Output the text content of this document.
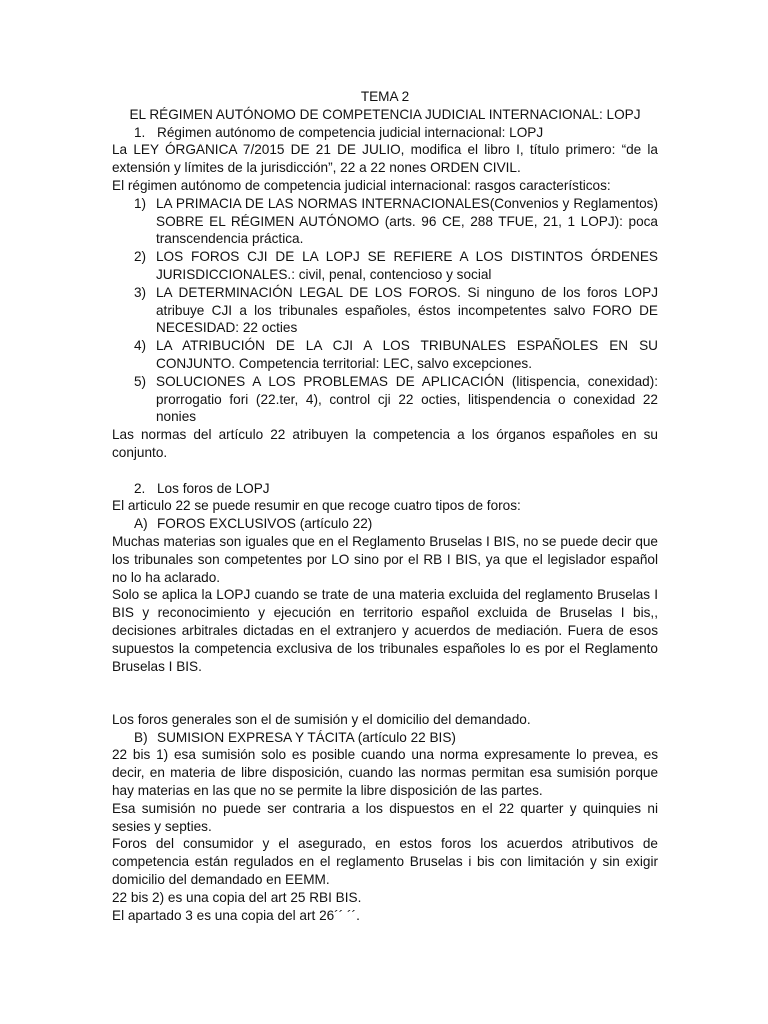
TEMA 2
EL RÉGIMEN AUTÓNOMO DE COMPETENCIA JUDICIAL INTERNACIONAL: LOPJ
1. Régimen autónomo de competencia judicial internacional: LOPJ
La LEY ÓRGANICA 7/2015 DE 21 DE JULIO, modifica el libro I, título primero: “de la extensión y límites de la jurisdicción”, 22 a 22 nones ORDEN CIVIL.
El régimen autónomo de competencia judicial internacional: rasgos característicos:
1) LA PRIMACIA DE LAS NORMAS INTERNACIONALES(Convenios y Reglamentos) SOBRE EL RÉGIMEN AUTÓNOMO (arts. 96 CE, 288 TFUE, 21, 1 LOPJ): poca transcendencia práctica.
2) LOS FOROS CJI DE LA LOPJ SE REFIERE A LOS DISTINTOS ÓRDENES JURISDICCIONALES.: civil, penal, contencioso y social
3) LA DETERMINACIÓN LEGAL DE LOS FOROS. Si ninguno de los foros LOPJ atribuye CJI a los tribunales españoles, éstos incompetentes salvo FORO DE NECESIDAD: 22 octies
4) LA ATRIBUCIÓN DE LA CJI A LOS TRIBUNALES ESPAÑOLES EN SU CONJUNTO. Competencia territorial: LEC, salvo excepciones.
5) SOLUCIONES A LOS PROBLEMAS DE APLICACIÓN (litispencia, conexidad): prorrogatio fori (22.ter, 4), control cji 22 octies, litispendencia o conexidad 22 nonies
Las normas del artículo 22 atribuyen la competencia a los órganos españoles en su conjunto.
2. Los foros de LOPJ
El articulo 22 se puede resumir en que recoge cuatro tipos de foros:
A) FOROS EXCLUSIVOS (artículo 22)
Muchas materias son iguales que en el Reglamento Bruselas I BIS, no se puede decir que los tribunales son competentes por LO sino por el RB I BIS, ya que el legislador español no lo ha aclarado.
Solo se aplica la LOPJ cuando se trate de una materia excluida del reglamento Bruselas I BIS y reconocimiento y ejecución en territorio español excluida de Bruselas I bis,, decisiones arbitrales dictadas en el extranjero y acuerdos de mediación. Fuera de esos supuestos la competencia exclusiva de los tribunales españoles lo es por el Reglamento Bruselas I BIS.
Los foros generales son el de sumisión y el domicilio del demandado.
B) SUMISION EXPRESA Y TÁCITA (artículo 22 BIS)
22 bis 1) esa sumisión solo es posible cuando una norma expresamente lo prevea, es decir, en materia de libre disposición, cuando las normas permitan esa sumisión porque hay materias en las que no se permite la libre disposición de las partes.
Esa sumisión no puede ser contraria a los dispuestos en el 22 quarter y quinquies ni sesies y septies.
Foros del consumidor y el asegurado, en estos foros los acuerdos atributivos de competencia están regulados en el reglamento Bruselas i bis con limitación y sin exigir domicilio del demandado en EEMM.
22 bis 2) es una copia del art 25 RBI BIS.
El apartado 3 es una copia del art 26´´ ´´.
